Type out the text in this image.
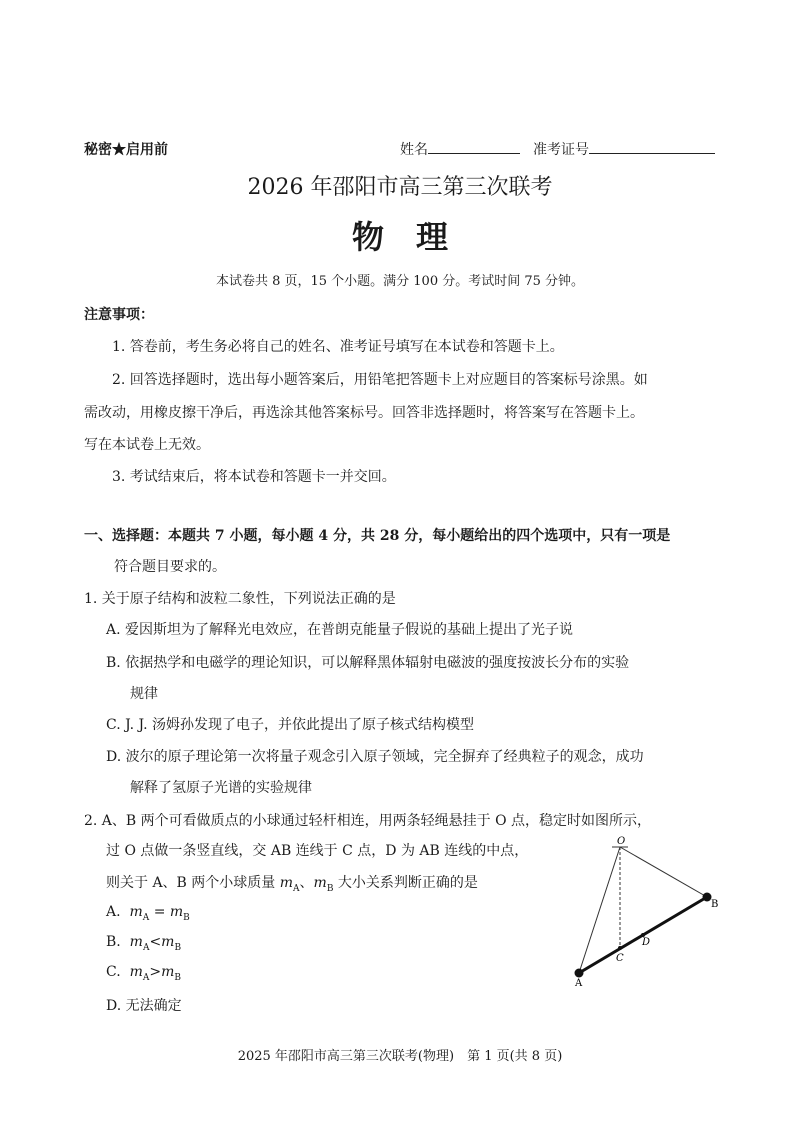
秘密★启用前	姓名	准考证号
2026 年邵阳市高三第三次联考
物　理
本试卷共 8 页，15 个小题。满分 100 分。考试时间 75 分钟。
注意事项：
1. 答卷前，考生务必将自己的姓名、准考证号填写在本试卷和答题卡上。
2. 回答选择题时，选出每小题答案后，用铅笔把答题卡上对应题目的答案标号涂黑。如
需改动，用橡皮擦干净后，再选涂其他答案标号。回答非选择题时，将答案写在答题卡上。
写在本试卷上无效。
3. 考试结束后，将本试卷和答题卡一并交回。
一、选择题：本题共 7 小题，每小题 4 分，共 28 分，每小题给出的四个选项中，只有一项是
符合题目要求的。
1. 关于原子结构和波粒二象性，下列说法正确的是
A. 爱因斯坦为了解释光电效应，在普朗克能量子假说的基础上提出了光子说
B. 依据热学和电磁学的理论知识，可以解释黑体辐射电磁波的强度按波长分布的实验
规律
C. J. J. 汤姆孙发现了电子，并依此提出了原子核式结构模型
D. 波尔的原子理论第一次将量子观念引入原子领域，完全摒弃了经典粒子的观念，成功
解释了氢原子光谱的实验规律
2. A、B 两个可看做质点的小球通过轻杆相连，用两条轻绳悬挂于 O 点，稳定时如图所示，
过 O 点做一条竖直线，交 AB 连线于 C 点，D 为 AB 连线的中点，
则关于 A、B 两个小球质量 $m_A$、$m_B$ 大小关系判断正确的是
A. $m_A = m_B$
B. $m_A<m_B$
C. $m_A>m_B$
D. 无法确定
O
C
D
A
B
2025 年邵阳市高三第三次联考(物理)　第 1 页(共 8 页)
